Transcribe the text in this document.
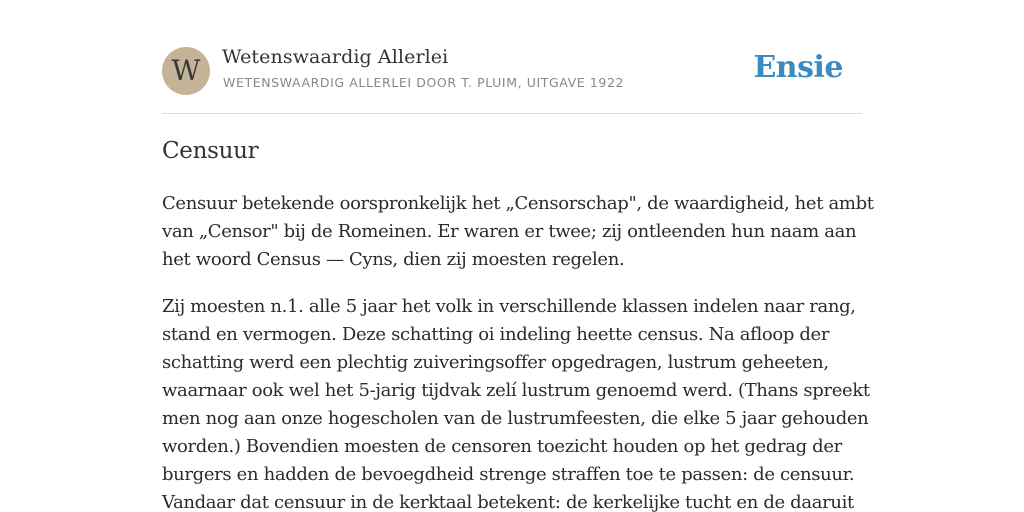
W	Wetenswaardig Allerlei
WETENSWAARDIG ALLERLEI DOOR T. PLUIM, UITGAVE 1922	Ensie
Censuur

Censuur betekende oorspronkelijk het „Censorschap", de waardigheid, het ambt
van „Censor" bij de Romeinen. Er waren er twee; zij ontleenden hun naam aan
het woord Census — Cyns, dien zij moesten regelen.

Zij moesten n.1. alle 5 jaar het volk in verschillende klassen indelen naar rang,
stand en vermogen. Deze schatting oi indeling heette census. Na afloop der
schatting werd een plechtig zuiveringsoffer opgedragen, lustrum geheeten,
waarnaar ook wel het 5-jarig tijdvak zelí lustrum genoemd werd. (Thans spreekt
men nog aan onze hogescholen van de lustrumfeesten, die elke 5 jaar gehouden
worden.) Bovendien moesten de censoren toezicht houden op het gedrag der
burgers en hadden de bevoegdheid strenge straffen toe te passen: de censuur.
Vandaar dat censuur in de kerktaal betekent: de kerkelijke tucht en de daaruit
